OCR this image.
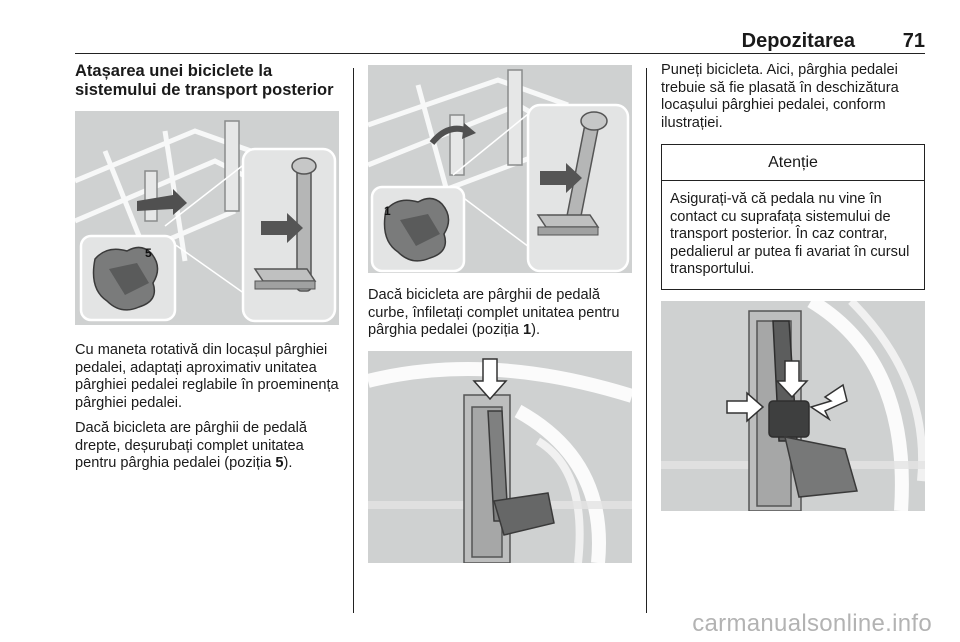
Depozitarea 71
Atașarea unei biciclete la sistemului de transport posterior
5

Cu maneta rotativă din locașul pârghiei pedalei, adaptați aproximativ unitatea pârghiei pedalei reglabile în proeminența pârghiei pedalei.

Dacă bicicleta are pârghii de pedală drepte, deșurubați complet unitatea pentru pârghia pedalei (poziția 5).

1

Dacă bicicleta are pârghii de pedală curbe, înfiletați complet unitatea pentru pârghia pedalei (poziția 1).

Puneți bicicleta. Aici, pârghia pedalei trebuie să fie plasată în deschizătura locașului pârghiei pedalei, conform ilustrației.

Atenție
Asigurați-vă că pedala nu vine în contact cu suprafața sistemului de transport posterior. În caz contrar, pedalierul ar putea fi avariat în cursul transportului.
carmanualsonline.info
